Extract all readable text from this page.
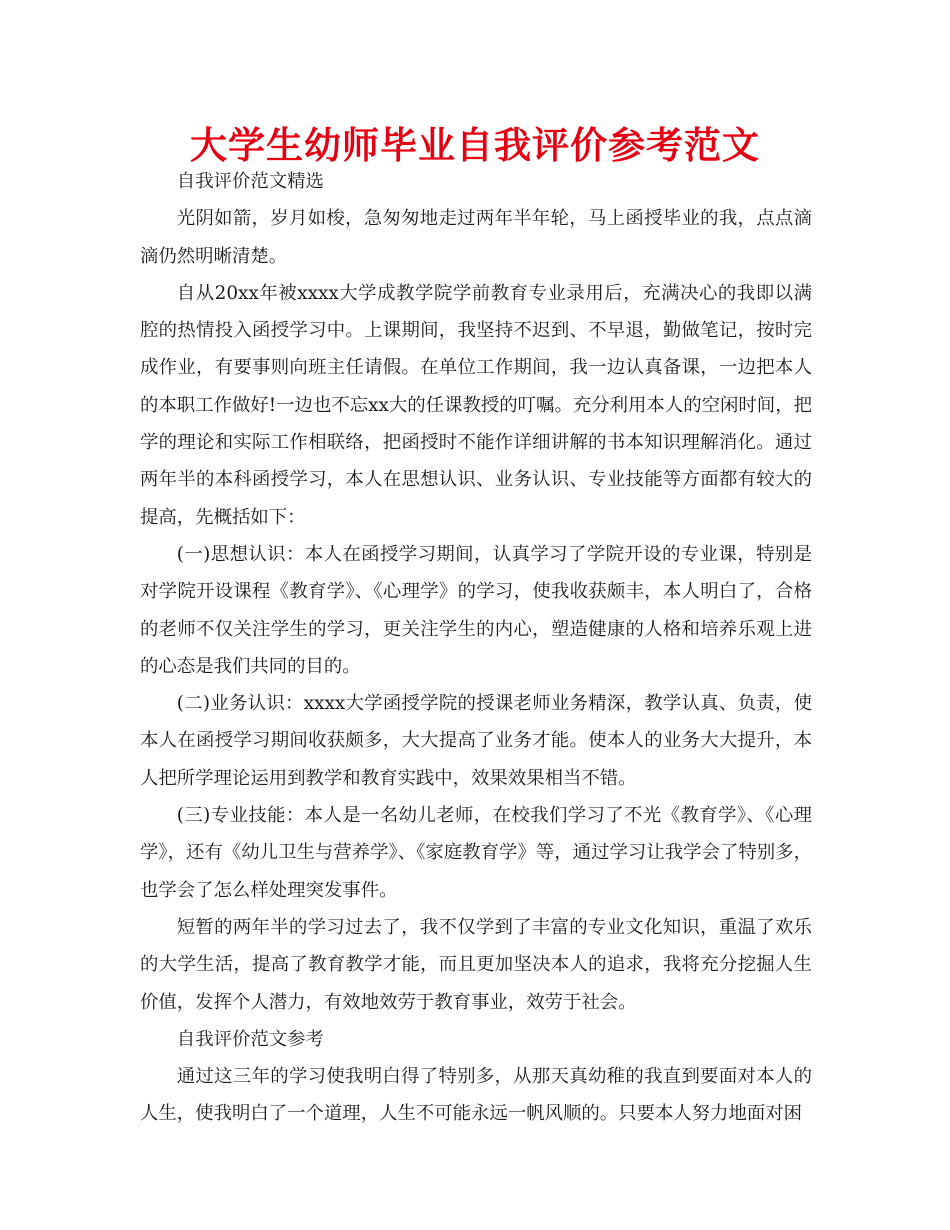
大学生幼师毕业自我评价参考范文

自我评价范文精选

光阴如箭，岁月如梭，急匆匆地走过两年半年轮，马上函授毕业的我，点点滴滴仍然明晰清楚。

自从20xx年被xxxx大学成教学院学前教育专业录用后，充满决心的我即以满腔的热情投入函授学习中。上课期间，我坚持不迟到、不早退，勤做笔记，按时完成作业，有要事则向班主任请假。在单位工作期间，我一边认真备课，一边把本人的本职工作做好!一边也不忘xx大的任课教授的叮嘱。充分利用本人的空闲时间，把学的理论和实际工作相联络，把函授时不能作详细讲解的书本知识理解消化。通过两年半的本科函授学习，本人在思想认识、业务认识、专业技能等方面都有较大的提高，先概括如下：

(一)思想认识：本人在函授学习期间，认真学习了学院开设的专业课，特别是对学院开设课程《教育学》、《心理学》的学习，使我收获颇丰，本人明白了，合格的老师不仅关注学生的学习，更关注学生的内心，塑造健康的人格和培养乐观上进的心态是我们共同的目的。

(二)业务认识：xxxx大学函授学院的授课老师业务精深，教学认真、负责，使本人在函授学习期间收获颇多，大大提高了业务才能。使本人的业务大大提升，本人把所学理论运用到教学和教育实践中，效果效果相当不错。

(三)专业技能：本人是一名幼儿老师，在校我们学习了不光《教育学》、《心理学》，还有《幼儿卫生与营养学》、《家庭教育学》等，通过学习让我学会了特别多，也学会了怎么样处理突发事件。

短暂的两年半的学习过去了，我不仅学到了丰富的专业文化知识，重温了欢乐的大学生活，提高了教育教学才能，而且更加坚决本人的追求，我将充分挖掘人生价值，发挥个人潜力，有效地效劳于教育事业，效劳于社会。

自我评价范文参考

通过这三年的学习使我明白得了特别多，从那天真幼稚的我直到要面对本人的人生，使我明白了一个道理，人生不可能永远一帆风顺的。只要本人努力地面对困
